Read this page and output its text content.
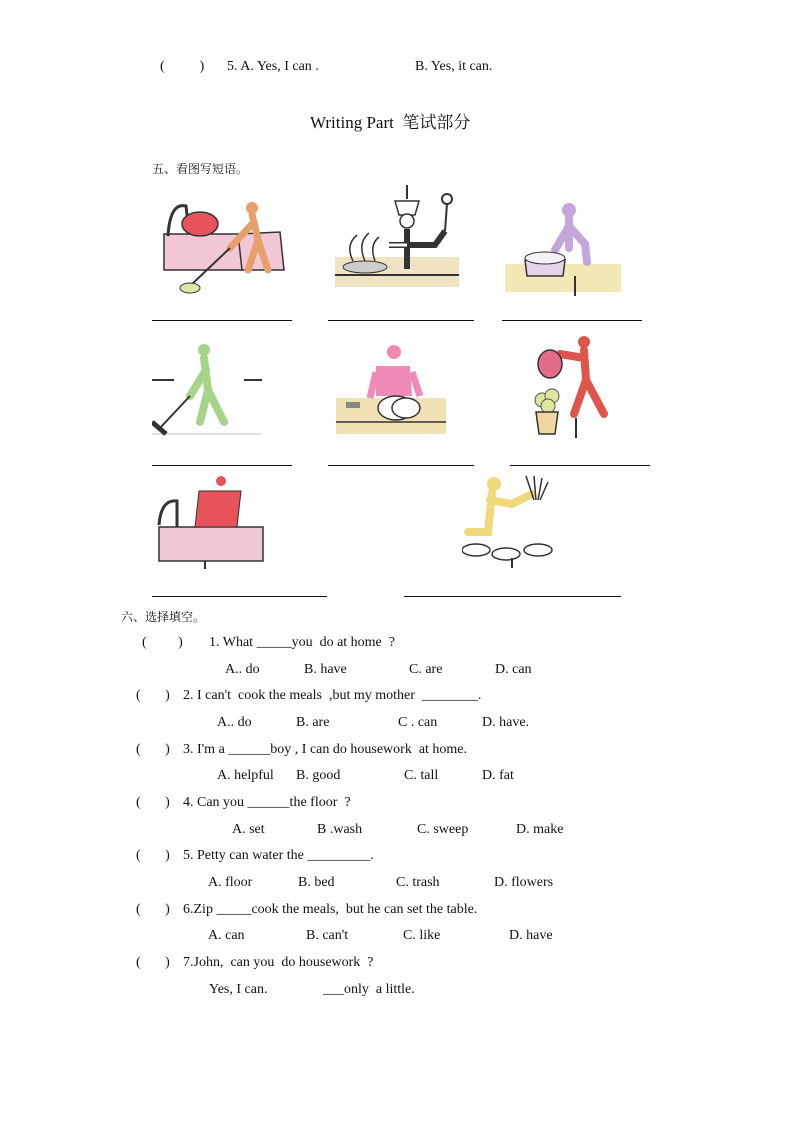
(          ) 5. A. Yes, I can .	B. Yes, it can.
Writing Part  笔试部分
五、看图写短语。
六、选择填空。
(         ) 1. What _____you  do at home  ?
A.. do	B. have	C. are	D. can
(       ) 2. I can't  cook the meals  ,but my mother  ________.
A.. do	B. are	C . can	D. have.
(       ) 3. I'm a ______boy , I can do housework  at home.
A. helpful B. good	C. tall	D. fat
(       ) 4. Can you ______the floor  ?
A. set	B .wash	C. sweep	D. make
(       ) 5. Petty can water the _________.
A. floor	B. bed	C. trash	D. flowers
(       ) 6.Zip _____cook the meals,  but he can set the table.
A. can	B. can't	C. like	D. have
(       ) 7.John,  can you  do housework  ?
Yes, I can.	___only  a little.
